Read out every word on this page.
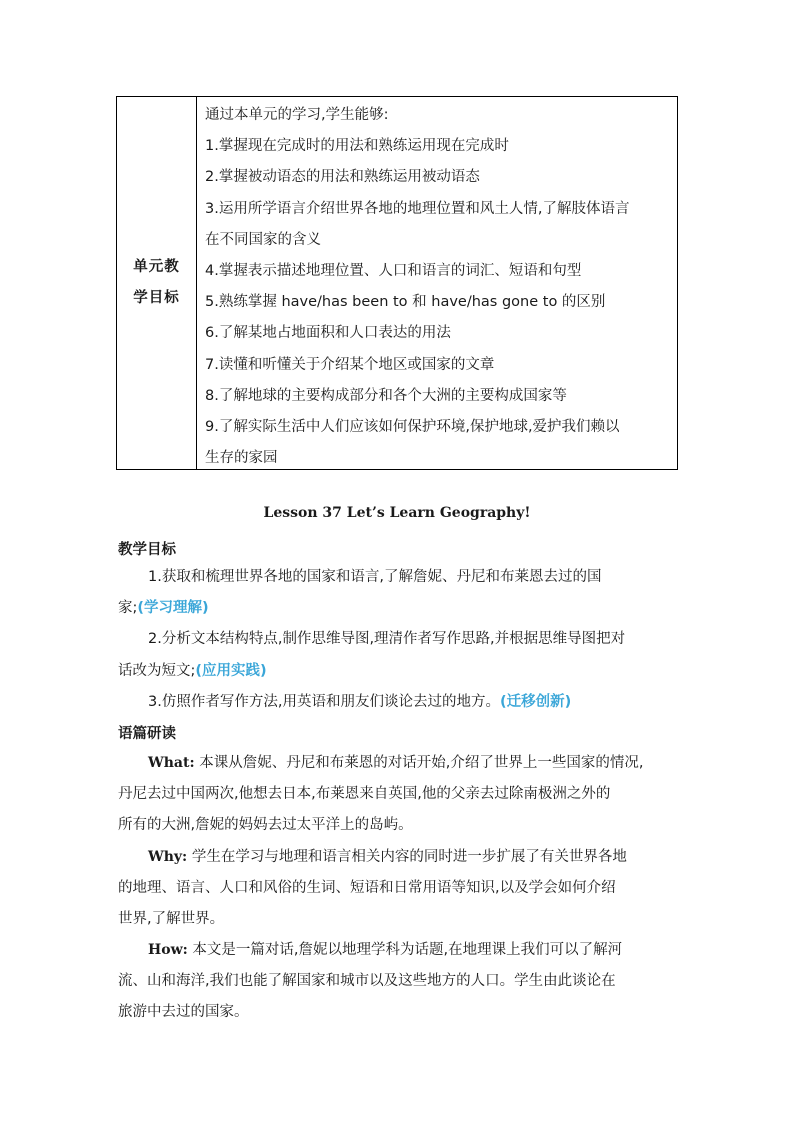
单元教
学目标
通过本单元的学习,学生能够:
1.掌握现在完成时的用法和熟练运用现在完成时
2.掌握被动语态的用法和熟练运用被动语态
3.运用所学语言介绍世界各地的地理位置和风土人情,了解肢体语言
在不同国家的含义
4.掌握表示描述地理位置、人口和语言的词汇、短语和句型
5.熟练掌握 have/has been to 和 have/has gone to 的区别
6.了解某地占地面积和人口表达的用法
7.读懂和听懂关于介绍某个地区或国家的文章
8.了解地球的主要构成部分和各个大洲的主要构成国家等
9.了解实际生活中人们应该如何保护环境,保护地球,爱护我们赖以
生存的家园
Lesson 37 Let’s Learn Geography!
教学目标
1.获取和梳理世界各地的国家和语言,了解詹妮、丹尼和布莱恩去过的国
家;(学习理解)
2.分析文本结构特点,制作思维导图,理清作者写作思路,并根据思维导图把对
话改为短文;(应用实践)
3.仿照作者写作方法,用英语和朋友们谈论去过的地方。(迁移创新)
语篇研读
What: 本课从詹妮、丹尼和布莱恩的对话开始,介绍了世界上一些国家的情况,
丹尼去过中国两次,他想去日本,布莱恩来自英国,他的父亲去过除南极洲之外的
所有的大洲,詹妮的妈妈去过太平洋上的岛屿。
Why: 学生在学习与地理和语言相关内容的同时进一步扩展了有关世界各地
的地理、语言、人口和风俗的生词、短语和日常用语等知识,以及学会如何介绍
世界,了解世界。
How: 本文是一篇对话,詹妮以地理学科为话题,在地理课上我们可以了解河
流、山和海洋,我们也能了解国家和城市以及这些地方的人口。学生由此谈论在
旅游中去过的国家。
